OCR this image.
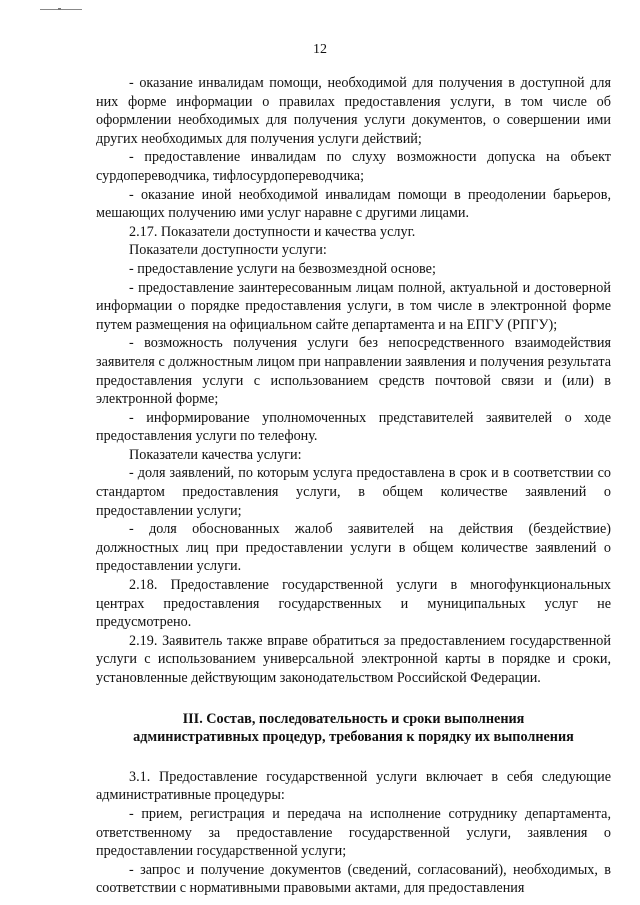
12

- оказание инвалидам помощи, необходимой для получения в доступной для них форме информации о правилах предоставления услуги, в том числе об оформлении необходимых для получения услуги документов, о совершении ими других необходимых для получения услуги действий;

- предоставление инвалидам по слуху возможности допуска на объект сурдопереводчика, тифлосурдопереводчика;

- оказание иной необходимой инвалидам помощи в преодолении барьеров, мешающих получению ими услуг наравне с другими лицами.

2.17. Показатели доступности и качества услуг.

Показатели доступности услуги:

- предоставление услуги на безвозмездной основе;

- предоставление заинтересованным лицам полной, актуальной и достоверной информации о порядке предоставления услуги, в том числе в электронной форме путем размещения на официальном сайте департамента и на ЕПГУ (РПГУ);

- возможность получения услуги без непосредственного взаимодействия заявителя с должностным лицом при направлении заявления и получения результата предоставления услуги с использованием средств почтовой связи и (или) в электронной форме;

- информирование уполномоченных представителей заявителей о ходе предоставления услуги по телефону.

Показатели качества услуги:

- доля заявлений, по которым услуга предоставлена в срок и в соответствии со стандартом предоставления услуги, в общем количестве заявлений о предоставлении услуги;

- доля обоснованных жалоб заявителей на действия (бездействие) должностных лиц при предоставлении услуги в общем количестве заявлений о предоставлении услуги.

2.18. Предоставление государственной услуги в многофункциональных центрах предоставления государственных и муниципальных услуг не предусмотрено.

2.19. Заявитель также вправе обратиться за предоставлением государственной услуги с использованием универсальной электронной карты в порядке и сроки, установленные действующим законодательством Российской Федерации.

III. Состав, последовательность и сроки выполнения
административных процедур, требования к порядку их выполнения

3.1. Предоставление государственной услуги включает в себя следующие административные процедуры:

- прием, регистрация и передача на исполнение сотруднику департамента, ответственному за предоставление государственной услуги, заявления о предоставлении государственной услуги;

- запрос и получение документов (сведений, согласований), необходимых, в соответствии с нормативными правовыми актами, для предоставления
